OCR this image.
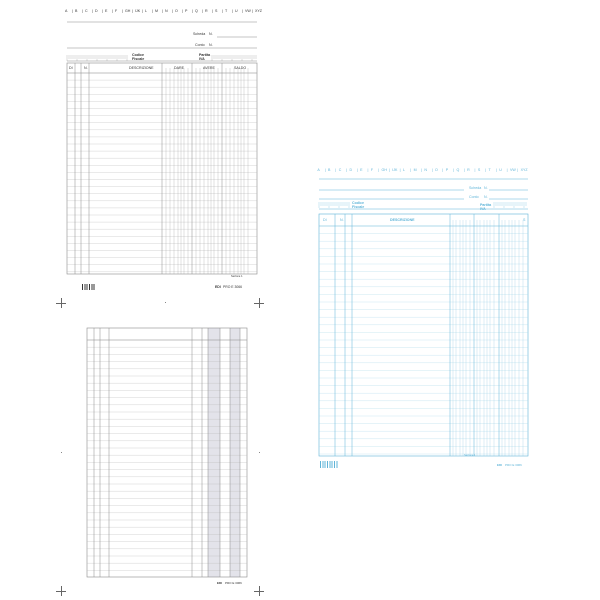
A B
|	C
|	D
|	E
|	F
|	GH
|	IJK
|	L
|	M
|	N
|	O
|	P
|	Q
|	R
|	S
|	T
|	U
|	VW
|	XYZ
|
Scheda N.
Conto N.
Codice Fiscale
Partita IVA
DI	N.	DESCRIZIONE	DARE	AVERE	SALDO
Sezione 1
EDI PRO E 3066
EDI PRO E 3066
A B
|	C
|	D
|	E
|	F
|	GH
|	IJK
|	L
|	M
|	N
|	O
|	P
|	Q
|	R
|	S
|	T
|	U
|	VW
|	XYZ
|
Scheda N.
Conto N.
Codice Fiscale	Partita IVA
DI	N.	DESCRIZIONE	S
Sezione 1
EDI PRO E 3066
